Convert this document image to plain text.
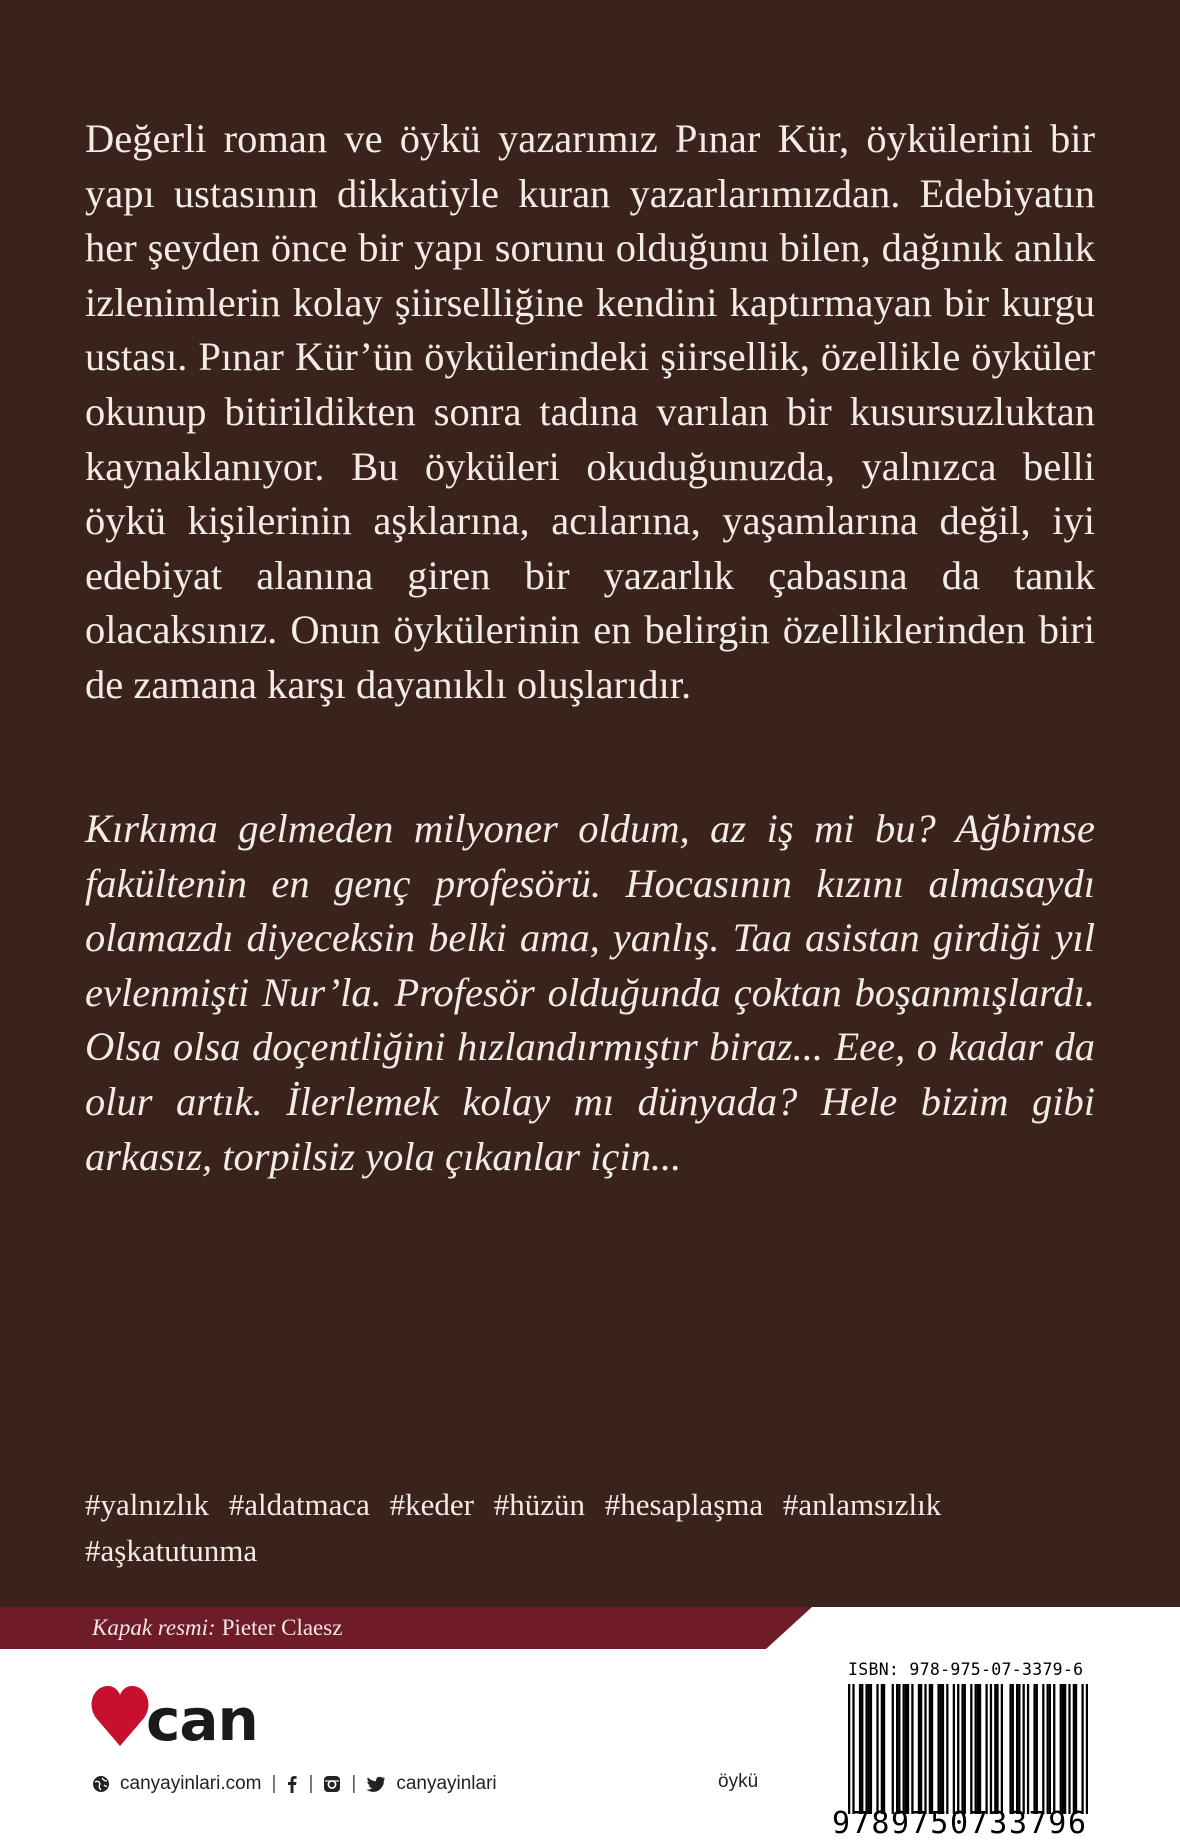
Değerli roman ve öykü yazarımız Pınar Kür, öykülerini bir yapı ustasının dikkatiyle kuran yazarlarımızdan. Edebiyatın her şeyden önce bir yapı sorunu olduğunu bilen, dağınık anlık izlenimlerin kolay şiirselliğine kendini kaptırmayan bir kurgu ustası. Pınar Kür’ün öykülerindeki şiirsellik, özellikle öyküler okunup bitirildikten sonra tadına varılan bir kusursuzluktan kaynaklanıyor. Bu öyküleri okuduğunuzda, yalnızca belli öykü kişilerinin aşklarına, acılarına, yaşamlarına değil, iyi edebiyat alanına giren bir yazarlık çabasına da tanık olacaksınız. Onun öykülerinin en belirgin özelliklerinden biri de zamana karşı dayanıklı oluşlarıdır.

Kırkıma gelmeden milyoner oldum, az iş mi bu? Ağbimse fakültenin en genç profesörü. Hocasının kızını almasaydı olamazdı diyeceksin belki ama, yanlış. Taa asistan girdiği yıl evlenmişti Nur’la. Profesör olduğunda çoktan boşanmışlardı. Olsa olsa doçentliğini hızlandırmıştır biraz... Eee, o kadar da olur artık. İlerlemek kolay mı dünyada? Hele bizim gibi arkasız, torpilsiz yola çıkanlar için...

#yalnızlık #aldatmaca #keder #hüzün #hesaplaşma #anlamsızlık
#aşkatutunma
Kapak resmi: Pieter Claesz
can
canyayinlari.com | | | canyayinlari	öykü
ISBN: 978-975-07-3379-6
9789750733796
